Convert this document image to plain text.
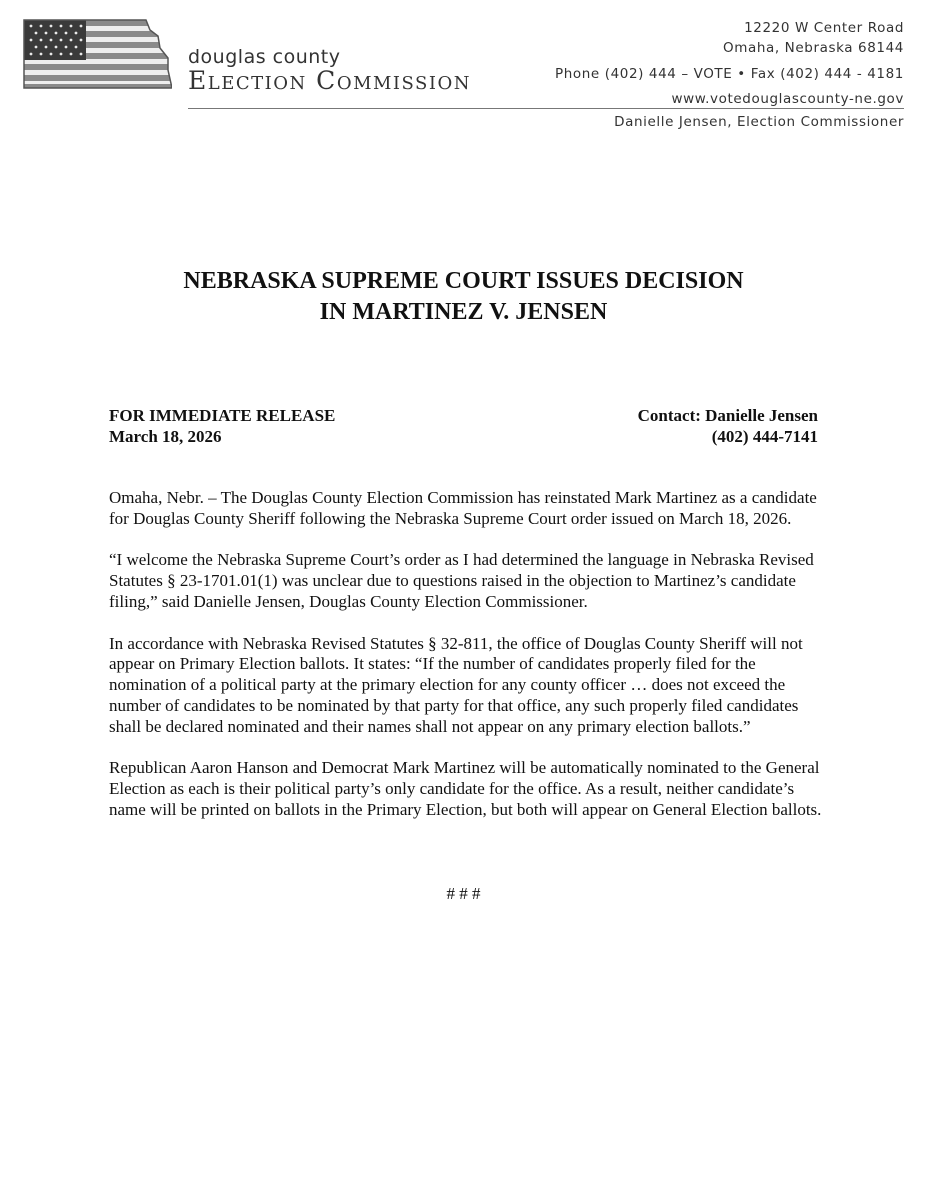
douglas county
Election Commission
12220 W Center Road
Omaha, Nebraska 68144
Phone (402) 444 – VOTE • Fax (402) 444 - 4181
www.votedouglascounty-ne.gov
Danielle Jensen, Election Commissioner
NEBRASKA SUPREME COURT ISSUES DECISION
IN MARTINEZ V. JENSEN
FOR IMMEDIATE RELEASE
March 18, 2026
Contact: Danielle Jensen
(402) 444-7141

Omaha, Nebr. – The Douglas County Election Commission has reinstated Mark Martinez as a candidate for Douglas County Sheriff following the Nebraska Supreme Court order issued on March 18, 2026.

“I welcome the Nebraska Supreme Court’s order as I had determined the language in Nebraska Revised Statutes § 23-1701.01(1) was unclear due to questions raised in the objection to Martinez’s candidate filing,” said Danielle Jensen, Douglas County Election Commissioner.

In accordance with Nebraska Revised Statutes § 32-811, the office of Douglas County Sheriff will not appear on Primary Election ballots. It states: “If the number of candidates properly filed for the nomination of a political party at the primary election for any county officer … does not exceed the number of candidates to be nominated by that party for that office, any such properly filed candidates shall be declared nominated and their names shall not appear on any primary election ballots.”

Republican Aaron Hanson and Democrat Mark Martinez will be automatically nominated to the General Election as each is their political party’s only candidate for the office. As a result, neither candidate’s name will be printed on ballots in the Primary Election, but both will appear on General Election ballots.

# # #
